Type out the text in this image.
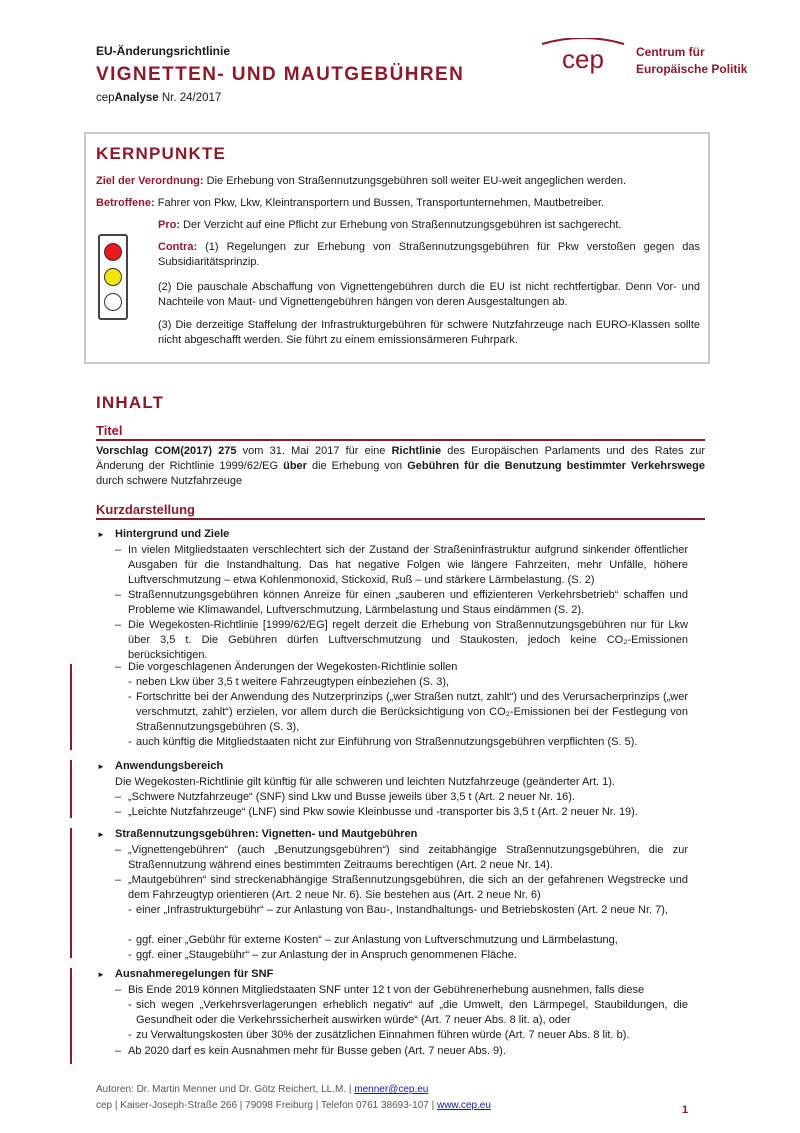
EU-Änderungsrichtlinie
VIGNETTEN- UND MAUTGEBÜHREN
cepAnalyse Nr. 24/2017
cep	Centrum für
Europäische Politik
KERNPUNKTE
Ziel der Verordnung: Die Erhebung von Straßennutzungsgebühren soll weiter EU-weit angeglichen werden.
Betroffene: Fahrer von Pkw, Lkw, Kleintransportern und Bussen, Transportunternehmen, Mautbetreiber.
Pro: Der Verzicht auf eine Pflicht zur Erhebung von Straßennutzungsgebühren ist sachgerecht.
Contra: (1) Regelungen zur Erhebung von Straßennutzungsgebühren für Pkw verstoßen gegen das Subsidiaritätsprinzip.
(2) Die pauschale Abschaffung von Vignettengebühren durch die EU ist nicht rechtfertigbar. Denn Vor- und Nachteile von Maut- und Vignettengebühren hängen von deren Ausgestaltungen ab.
(3) Die derzeitige Staffelung der Infrastrukturgebühren für schwere Nutzfahrzeuge nach EURO-Klassen sollte nicht abgeschafft werden. Sie führt zu einem emissionsärmeren Fuhrpark.
INHALT
Titel
Vorschlag COM(2017) 275 vom 31. Mai 2017 für eine Richtlinie des Europäischen Parlaments und des Rates zur Änderung der Richtlinie 1999/62/EG über die Erhebung von Gebühren für die Benutzung bestimmter Verkehrswege durch schwere Nutzfahrzeuge
Kurzdarstellung
► Hintergrund und Ziele
– In vielen Mitgliedstaaten verschlechtert sich der Zustand der Straßeninfrastruktur aufgrund sinkender öffentlicher Ausgaben für die Instandhaltung. Das hat negative Folgen wie längere Fahrzeiten, mehr Unfälle, höhere Luftverschmutzung – etwa Kohlenmonoxid, Stickoxid, Ruß – und stärkere Lärmbelastung. (S. 2)
– Straßennutzungsgebühren können Anreize für einen „sauberen und effizienteren Verkehrsbetrieb“ schaffen und Probleme wie Klimawandel, Luftverschmutzung, Lärmbelastung und Staus eindämmen (S. 2).
– Die Wegekosten-Richtlinie [1999/62/EG] regelt derzeit die Erhebung von Straßennutzungsgebühren nur für Lkw über 3,5 t. Die Gebühren dürfen Luftverschmutzung und Staukosten, jedoch keine CO₂-Emissionen berücksichtigen.
– Die vorgeschlagenen Änderungen der Wegekosten-Richtlinie sollen
- neben Lkw über 3,5 t weitere Fahrzeugtypen einbeziehen (S. 3),
- Fortschritte bei der Anwendung des Nutzerprinzips („wer Straßen nutzt, zahlt“) und des Verursacherprinzips („wer verschmutzt, zahlt“) erzielen, vor allem durch die Berücksichtigung von CO₂-Emissionen bei der Festlegung von Straßennutzungsgebühren (S. 3),
- auch künftig die Mitgliedstaaten nicht zur Einführung von Straßennutzungsgebühren verpflichten (S. 5).
► Anwendungsbereich
Die Wegekosten-Richtlinie gilt künftig für alle schweren und leichten Nutzfahrzeuge (geänderter Art. 1).
– „Schwere Nutzfahrzeuge“ (SNF) sind Lkw und Busse jeweils über 3,5 t (Art. 2 neuer Nr. 16).
– „Leichte Nutzfahrzeuge“ (LNF) sind Pkw sowie Kleinbusse und -transporter bis 3,5 t (Art. 2 neuer Nr. 19).
► Straßennutzungsgebühren: Vignetten- und Mautgebühren
– „Vignettengebühren“ (auch „Benutzungsgebühren“) sind zeitabhängige Straßennutzungsgebühren, die zur Straßennutzung während eines bestimmten Zeitraums berechtigen (Art. 2 neue Nr. 14).
– „Mautgebühren“ sind streckenabhängige Straßennutzungsgebühren, die sich an der gefahrenen Wegstrecke und dem Fahrzeugtyp orientieren (Art. 2 neue Nr. 6). Sie bestehen aus (Art. 2 neue Nr. 6)
- einer „Infrastrukturgebühr“ – zur Anlastung von Bau-, Instandhaltungs- und Betriebskosten (Art. 2 neue Nr. 7),
- ggf. einer „Gebühr für externe Kosten“ – zur Anlastung von Luftverschmutzung und Lärmbelastung,
- ggf. einer „Staugebühr“ – zur Anlastung der in Anspruch genommenen Fläche.
► Ausnahmeregelungen für SNF
– Bis Ende 2019 können Mitgliedstaaten SNF unter 12 t von der Gebührenerhebung ausnehmen, falls diese
- sich wegen „Verkehrsverlagerungen erheblich negativ“ auf „die Umwelt, den Lärmpegel, Staubildungen, die Gesundheit oder die Verkehrssicherheit auswirken würde“ (Art. 7 neuer Abs. 8 lit. a), oder
- zu Verwaltungskosten über 30% der zusätzlichen Einnahmen führen würde (Art. 7 neuer Abs. 8 lit. b).
– Ab 2020 darf es kein Ausnahmen mehr für Busse geben (Art. 7 neuer Abs. 9).
Autoren: Dr. Martin Menner und Dr. Götz Reichert, LL.M. | menner@cep.eu
cep | Kaiser-Joseph-Straße 266 | 79098 Freiburg | Telefon 0761 38693-107 | www.cep.eu	1
